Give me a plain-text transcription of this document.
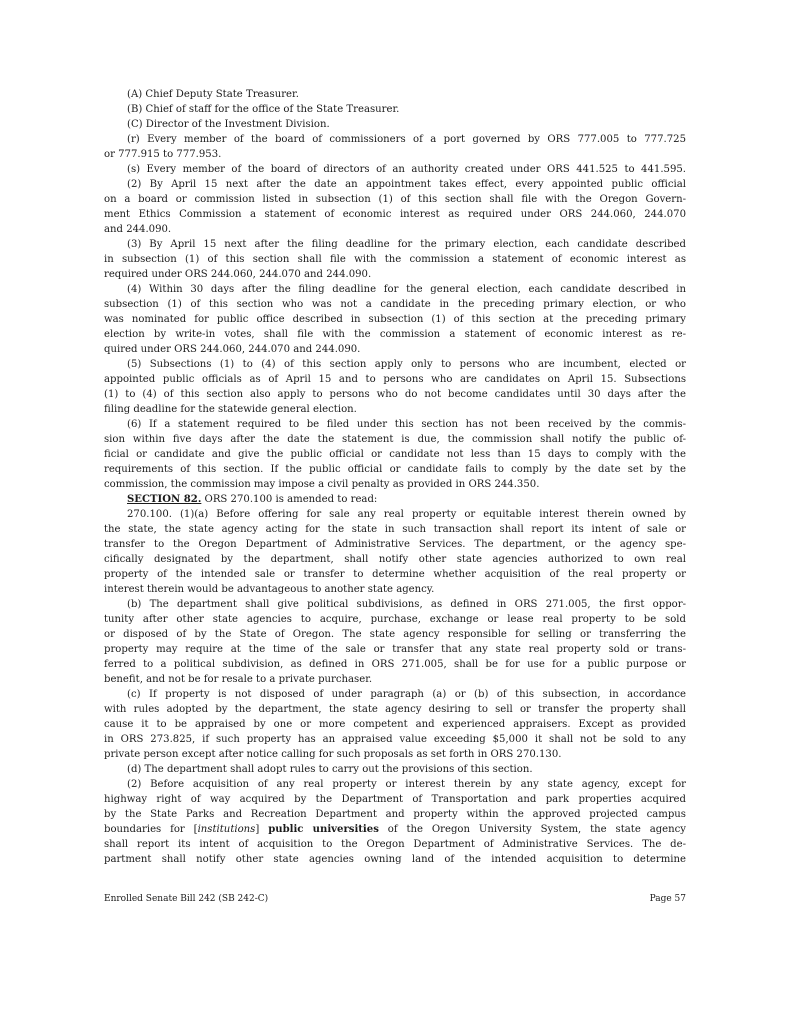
(A) Chief Deputy State Treasurer.
(B) Chief of staff for the office of the State Treasurer.
(C) Director of the Investment Division.
(r) Every member of the board of commissioners of a port governed by ORS 777.005 to 777.725
or 777.915 to 777.953.
(s) Every member of the board of directors of an authority created under ORS 441.525 to 441.595.
(2) By April 15 next after the date an appointment takes effect, every appointed public official
on a board or commission listed in subsection (1) of this section shall file with the Oregon Govern-
ment Ethics Commission a statement of economic interest as required under ORS 244.060, 244.070
and 244.090.
(3) By April 15 next after the filing deadline for the primary election, each candidate described
in subsection (1) of this section shall file with the commission a statement of economic interest as
required under ORS 244.060, 244.070 and 244.090.
(4) Within 30 days after the filing deadline for the general election, each candidate described in
subsection (1) of this section who was not a candidate in the preceding primary election, or who
was nominated for public office described in subsection (1) of this section at the preceding primary
election by write-in votes, shall file with the commission a statement of economic interest as re-
quired under ORS 244.060, 244.070 and 244.090.
(5) Subsections (1) to (4) of this section apply only to persons who are incumbent, elected or
appointed public officials as of April 15 and to persons who are candidates on April 15. Subsections
(1) to (4) of this section also apply to persons who do not become candidates until 30 days after the
filing deadline for the statewide general election.
(6) If a statement required to be filed under this section has not been received by the commis-
sion within five days after the date the statement is due, the commission shall notify the public of-
ficial or candidate and give the public official or candidate not less than 15 days to comply with the
requirements of this section. If the public official or candidate fails to comply by the date set by the
commission, the commission may impose a civil penalty as provided in ORS 244.350.
SECTION 82. ORS 270.100 is amended to read:
270.100. (1)(a) Before offering for sale any real property or equitable interest therein owned by
the state, the state agency acting for the state in such transaction shall report its intent of sale or
transfer to the Oregon Department of Administrative Services. The department, or the agency spe-
cifically designated by the department, shall notify other state agencies authorized to own real
property of the intended sale or transfer to determine whether acquisition of the real property or
interest therein would be advantageous to another state agency.
(b) The department shall give political subdivisions, as defined in ORS 271.005, the first oppor-
tunity after other state agencies to acquire, purchase, exchange or lease real property to be sold
or disposed of by the State of Oregon. The state agency responsible for selling or transferring the
property may require at the time of the sale or transfer that any state real property sold or trans-
ferred to a political subdivision, as defined in ORS 271.005, shall be for use for a public purpose or
benefit, and not be for resale to a private purchaser.
(c) If property is not disposed of under paragraph (a) or (b) of this subsection, in accordance
with rules adopted by the department, the state agency desiring to sell or transfer the property shall
cause it to be appraised by one or more competent and experienced appraisers. Except as provided
in ORS 273.825, if such property has an appraised value exceeding $5,000 it shall not be sold to any
private person except after notice calling for such proposals as set forth in ORS 270.130.
(d) The department shall adopt rules to carry out the provisions of this section.
(2) Before acquisition of any real property or interest therein by any state agency, except for
highway right of way acquired by the Department of Transportation and park properties acquired
by the State Parks and Recreation Department and property within the approved projected campus
boundaries for [institutions] public universities of the Oregon University System, the state agency
shall report its intent of acquisition to the Oregon Department of Administrative Services. The de-
partment shall notify other state agencies owning land of the intended acquisition to determine
Enrolled Senate Bill 242 (SB 242-C)	Page 57
